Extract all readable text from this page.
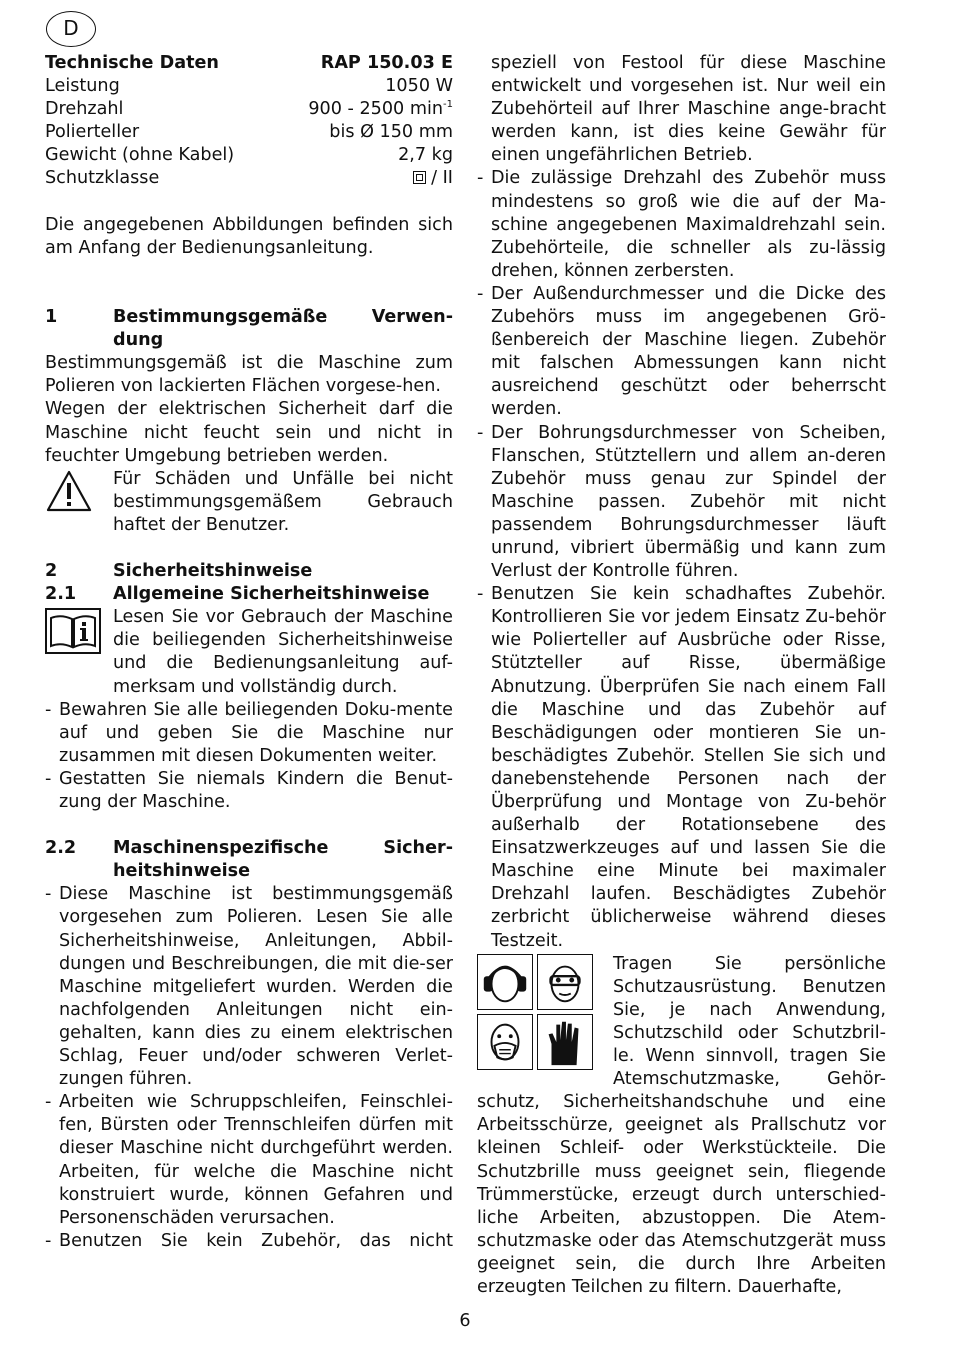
D
Technische Daten	RAP 150.03 E
Leistung	1050 W
Drehzahl	900 - 2500 $\min^{-1}$
Polierteller	bis Ø 150 mm
Gewicht (ohne Kabel)	2,7 kg
Schutzklasse	/ II
Die angegebenen Abbildungen befinden sich am Anfang der Bedienungsanleitung.
1	Bestimmungsgemäße Verwen-dung
Bestimmungsgemäß ist die Maschine zum Polieren von lackierten Flächen vorgese-hen.
Wegen der elektrischen Sicherheit darf die Maschine nicht feucht sein und nicht in feuchter Umgebung betrieben werden.
Für Schäden und Unfälle bei nicht bestimmungsgemäßem Gebrauch haftet der Benutzer.
2	Sicherheitshinweise
2.1	Allgemeine Sicherheitshinweise
Lesen Sie vor Gebrauch der Maschine die beiliegenden Sicherheitshinweise und die Bedienungsanleitung auf-merksam und vollständig durch.
- Bewahren Sie alle beiliegenden Doku-mente auf und geben Sie die Maschine nur zusammen mit diesen Dokumenten weiter.
- Gestatten Sie niemals Kindern die Benut-zung der Maschine.
2.2	Maschinenspezifische Sicher-heitshinweise
- Diese Maschine ist bestimmungsgemäß vorgesehen zum Polieren. Lesen Sie alle Sicherheitshinweise, Anleitungen, Abbil-dungen und Beschreibungen, die mit die-ser Maschine mitgeliefert wurden. Werden die nachfolgenden Anleitungen nicht ein-gehalten, kann dies zu einem elektrischen Schlag, Feuer und/oder schweren Verlet-zungen führen.
- Arbeiten wie Schruppschleifen, Feinschlei-fen, Bürsten oder Trennschleifen dürfen mit dieser Maschine nicht durchgeführt werden. Arbeiten, für welche die Maschine nicht konstruiert wurde, können Gefahren und Personenschäden verursachen.
- Benutzen Sie kein Zubehör, das nicht
speziell von Festool für diese Maschine entwickelt und vorgesehen ist. Nur weil ein Zubehörteil auf Ihrer Maschine ange-bracht werden kann, ist dies keine Gewähr für einen ungefährlichen Betrieb.
- Die zulässige Drehzahl des Zubehör muss mindestens so groß wie die auf der Ma-schine angegebenen Maximaldrehzahl sein. Zubehörteile, die schneller als zu-lässig drehen, können zerbersten.
- Der Außendurchmesser und die Dicke des Zubehörs muss im angegebenen Grö-ßenbereich der Maschine liegen. Zubehör mit falschen Abmessungen kann nicht ausreichend geschützt oder beherrscht werden.
- Der Bohrungsdurchmesser von Scheiben, Flanschen, Stütztellern und allem an-deren Zubehör muss genau zur Spindel der Maschine passen. Zubehör mit nicht passendem Bohrungsdurchmesser läuft unrund, vibriert übermäßig und kann zum Verlust der Kontrolle führen.
- Benutzen Sie kein schadhaftes Zubehör. Kontrollieren Sie vor jedem Einsatz Zu-behör wie Polierteller auf Ausbrüche oder Risse, Stützteller auf Risse, übermäßige Abnutzung. Überprüfen Sie nach einem Fall die Maschine und das Zubehör auf Beschädigungen oder montieren Sie un-beschädigtes Zubehör. Stellen Sie sich und danebenstehende Personen nach der Überprüfung und Montage von Zu-behör außerhalb der Rotationsebene des Einsatzwerkzeuges auf und lassen Sie die Maschine eine Minute bei maximaler Drehzahl laufen. Beschädigtes Zubehör zerbricht üblicherweise während dieses Testzeit.
Tragen Sie persönliche Schutzausrüstung. Benutzen Sie, je nach Anwendung, Schutzschild oder Schutzbril-le. Wenn sinnvoll, tragen Sie Atemschutzmaske, Gehör-schutz, Sicherheitshandschuhe und eine Arbeitsschürze, geeignet als Prallschutz vor kleinen Schleif- oder Werkstückteile. Die Schutzbrille muss geeignet sein, fliegende Trümmerstücke, erzeugt durch unterschied-liche Arbeiten, abzustoppen. Die Atem-schutzmaske oder das Atemschutzgerät muss geeignet sein, die durch Ihre Arbeiten erzeugten Teilchen zu filtern. Dauerhafte,
6
